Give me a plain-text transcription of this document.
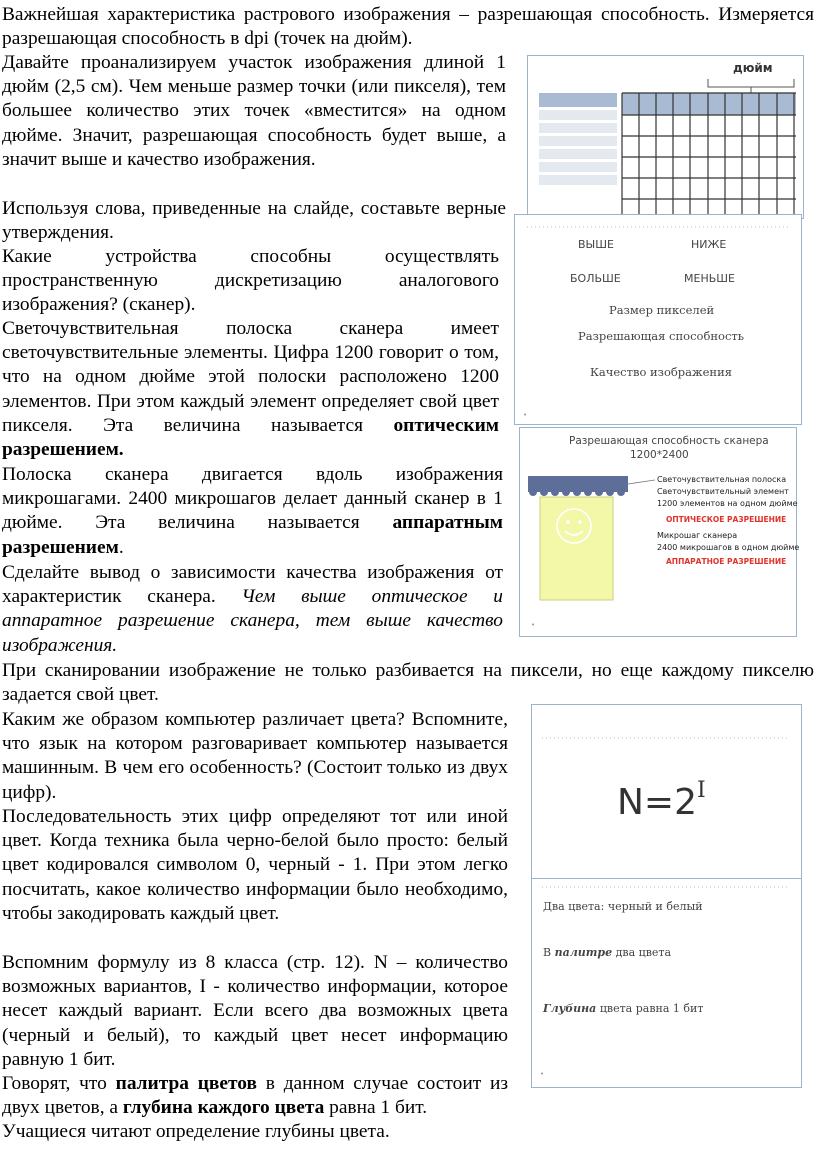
Важнейшая характеристика растрового изображения – разрешающая способность. Измеряется разрешающая способность в dpi (точек на дюйм).

Давайте проанализируем участок изображения длиной 1 дюйм (2,5 см). Чем меньше размер точки (или пикселя), тем большее количество этих точек «вместится» на одном дюйме. Значит, разрешающая способность будет выше, а значит выше и качество изображения.

Используя слова, приведенные на слайде, составьте верные утверждения.

Какие устройства способны осуществлять пространственную дискретизацию аналогового изображения? (сканер).

Светочувствительная полоска сканера имеет светочувствительные элементы. Цифра 1200 говорит о том, что на одном дюйме этой полоски расположено 1200 элементов. При этом каждый элемент определяет свой цвет пикселя. Эта величина называется оптическим разрешением.

Полоска сканера двигается вдоль изображения микрошагами. 2400 микрошагов делает данный сканер в 1 дюйме. Эта величина называется аппаратным разрешением.

Сделайте вывод о зависимости качества изображения от характеристик сканера. Чем выше оптическое и аппаратное разрешение сканера, тем выше качество изображения.

При сканировании изображение не только разбивается на пиксели, но еще каждому пикселю задается свой цвет.

Каким же образом компьютер различает цвета? Вспомните, что язык на котором разговаривает компьютер называется машинным. В чем его особенность? (Состоит только из двух цифр).

Последовательность этих цифр определяют тот или иной цвет. Когда техника была черно-белой было просто: белый цвет кодировался символом 0, черный - 1. При этом легко посчитать, какое количество информации было необходимо, чтобы закодировать каждый цвет.

Вспомним формулу из 8 класса (стр. 12). N – количество возможных вариантов, I - количество информации, которое несет каждый вариант. Если всего два возможных цвета (черный и белый), то каждый цвет несет информацию равную 1 бит.

Говорят, что палитра цветов в данном случае состоит из двух цветов, а глубина каждого цвета равна 1 бит.

Учащиеся читают определение глубины цвета.

дюйм
ВЫШЕ	НИЖЕ
БОЛЬШЕ	МЕНЬШЕ
Размер пикселей
Разрешающая способность
Качество изображения
•
Разрешающая способность сканера
1200*2400
Светочувствительная полоска
Светочувствительный элемент
1200 элементов на одном дюйме
ОПТИЧЕСКОЕ РАЗРЕШЕНИЕ
Микрошаг сканера
2400 микрошагов в одном дюйме
АППАРАТНОЕ РАЗРЕШЕНИЕ
•
$N=2^I$
Два цвета: черный и белый
В палитре два цвета
Глубина цвета равна 1 бит
•
